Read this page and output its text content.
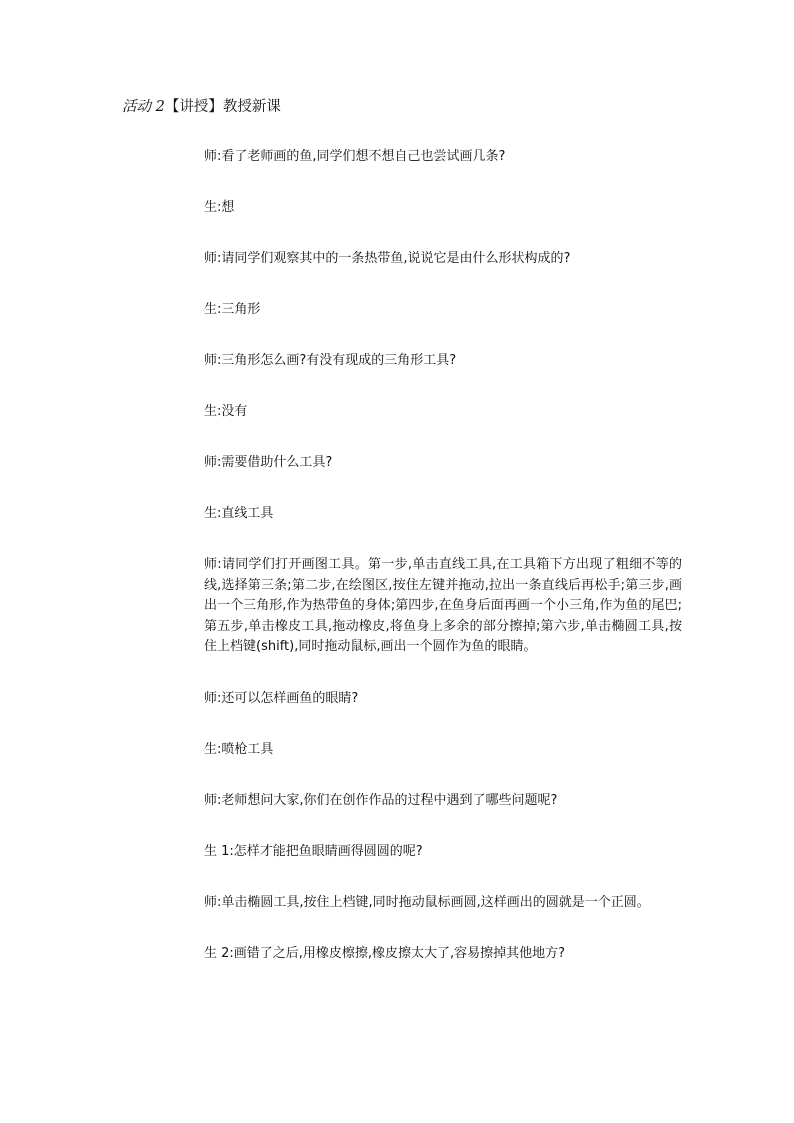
活动 2【讲授】教授新课

师:看了老师画的鱼,同学们想不想自己也尝试画几条?

生:想

师:请同学们观察其中的一条热带鱼,说说它是由什么形状构成的?

生:三角形

师:三角形怎么画?有没有现成的三角形工具?

生:没有

师:需要借助什么工具?

生:直线工具

师:请同学们打开画图工具。第一步,单击直线工具,在工具箱下方出现了粗细不等的线,选择第三条;第二步,在绘图区,按住左键并拖动,拉出一条直线后再松手;第三步,画出一个三角形,作为热带鱼的身体;第四步,在鱼身后面再画一个小三角,作为鱼的尾巴;第五步,单击橡皮工具,拖动橡皮,将鱼身上多余的部分擦掉;第六步,单击椭圆工具,按住上档键(shift),同时拖动鼠标,画出一个圆作为鱼的眼睛。

师:还可以怎样画鱼的眼睛?

生:喷枪工具

师:老师想问大家,你们在创作作品的过程中遇到了哪些问题呢?

生 1:怎样才能把鱼眼睛画得圆圆的呢?

师:单击椭圆工具,按住上档键,同时拖动鼠标画圆,这样画出的圆就是一个正圆。

生 2:画错了之后,用橡皮檫擦,橡皮擦太大了,容易擦掉其他地方?
